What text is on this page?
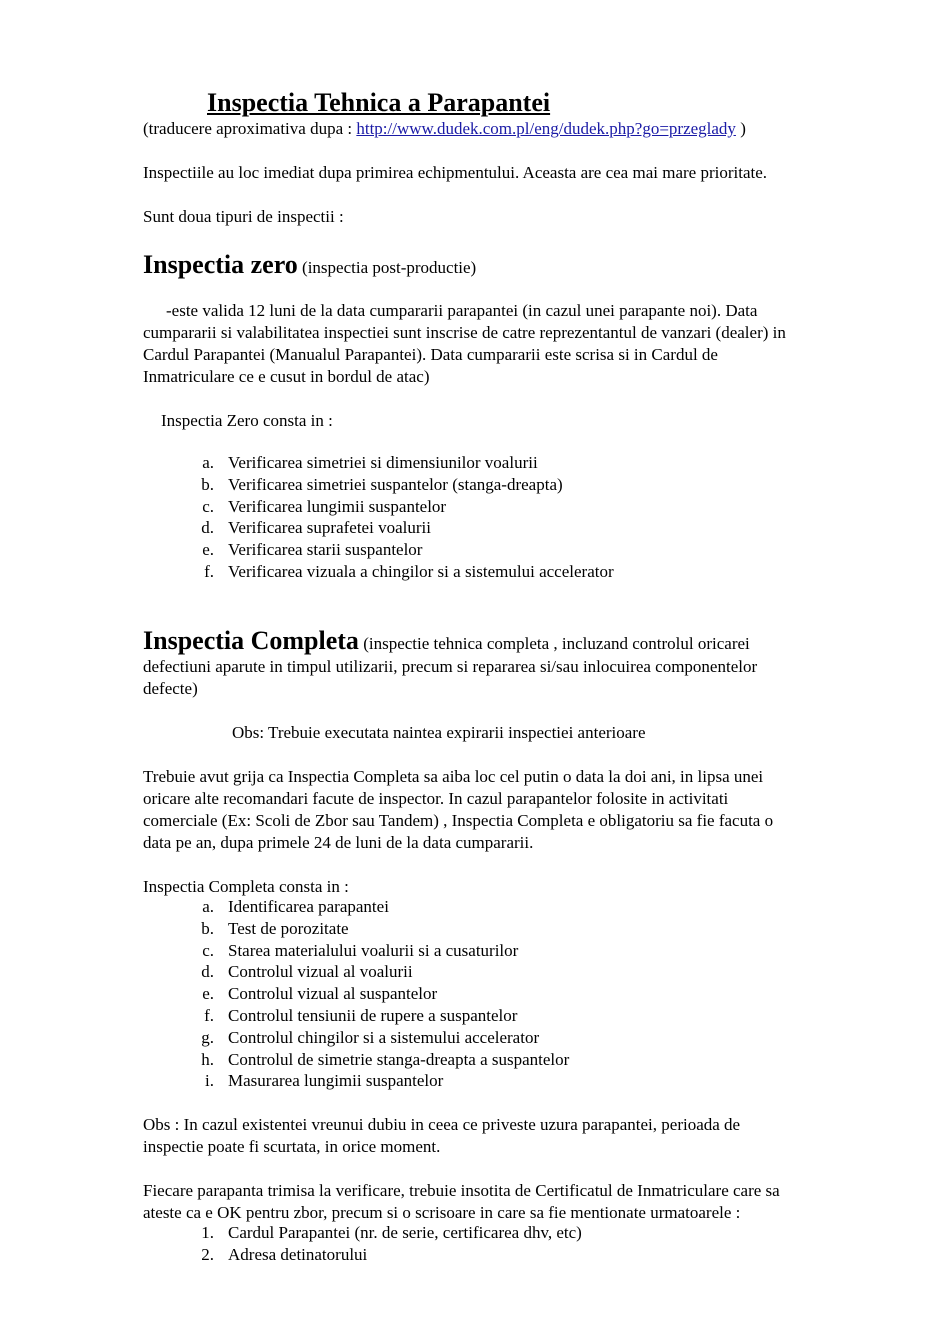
Inspectia Tehnica a Parapantei
(traducere aproximativa dupa : http://www.dudek.com.pl/eng/dudek.php?go=przeglady )
Inspectiile au loc imediat dupa primirea echipmentului. Aceasta are cea mai mare prioritate.
Sunt doua tipuri de inspectii :
Inspectia zero (inspectia post-productie)
-este valida 12 luni de la data cumpararii parapantei (in cazul unei parapante noi). Data
cumpararii si valabilitatea inspectiei sunt inscrise de catre reprezentantul de vanzari (dealer) in
Cardul Parapantei (Manualul Parapantei). Data cumpararii este scrisa si in Cardul de
Inmatriculare ce e cusut in bordul de atac)
Inspectia Zero consta in :
a. Verificarea simetriei si dimensiunilor voalurii
b. Verificarea simetriei suspantelor (stanga-dreapta)
c. Verificarea lungimii suspantelor
d. Verificarea suprafetei voalurii
e. Verificarea starii suspantelor
f. Verificarea vizuala a chingilor si a sistemului accelerator
Inspectia Completa (inspectie tehnica completa , incluzand controlul oricarei
defectiuni aparute in timpul utilizarii, precum si repararea si/sau inlocuirea componentelor
defecte)
Obs: Trebuie executata naintea expirarii inspectiei anterioare
Trebuie avut grija ca Inspectia Completa sa aiba loc cel putin o data la doi ani, in lipsa unei
oricare alte recomandari facute de inspector. In cazul parapantelor folosite in activitati
comerciale (Ex: Scoli de Zbor sau Tandem) , Inspectia Completa e obligatoriu sa fie facuta o
data pe an, dupa primele 24 de luni de la data cumpararii.
Inspectia Completa consta in :
a. Identificarea parapantei
b. Test de porozitate
c. Starea materialului voalurii si a cusaturilor
d. Controlul vizual al voalurii
e. Controlul vizual al suspantelor
f. Controlul tensiunii de rupere a suspantelor
g. Controlul chingilor si a sistemului accelerator
h. Controlul de simetrie stanga-dreapta a suspantelor
i. Masurarea lungimii suspantelor
Obs : In cazul existentei vreunui dubiu in ceea ce priveste uzura parapantei, perioada de
inspectie poate fi scurtata, in orice moment.
Fiecare parapanta trimisa la verificare, trebuie insotita de Certificatul de Inmatriculare care sa
ateste ca e OK pentru zbor, precum si o scrisoare in care sa fie mentionate urmatoarele :
1. Cardul Parapantei (nr. de serie, certificarea dhv, etc)
2. Adresa detinatorului
